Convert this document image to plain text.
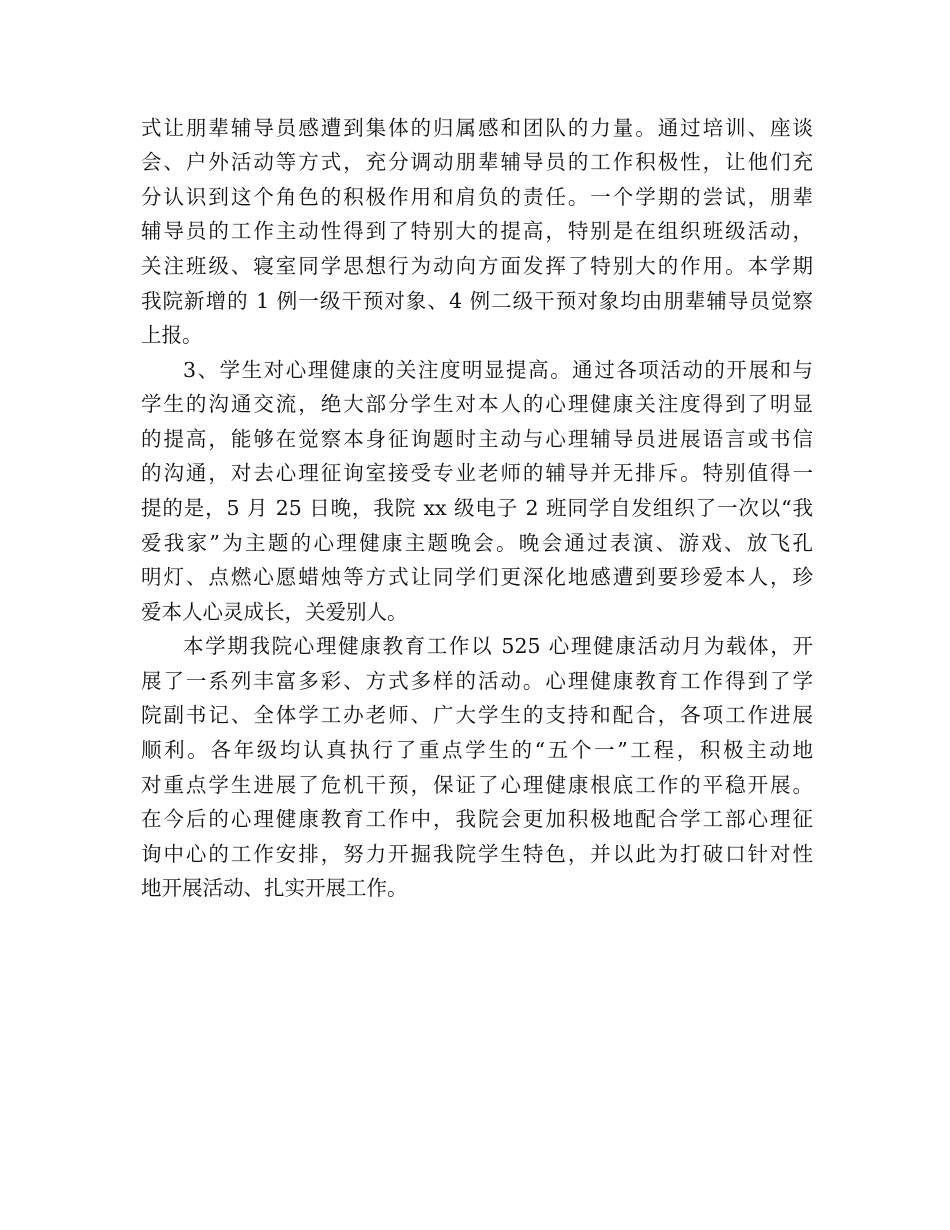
式让朋辈辅导员感遭到集体的归属感和团队的力量。通过培训、座谈
会、户外活动等方式，充分调动朋辈辅导员的工作积极性，让他们充
分认识到这个角色的积极作用和肩负的责任。一个学期的尝试，朋辈
辅导员的工作主动性得到了特别大的提高，特别是在组织班级活动，
关注班级、寝室同学思想行为动向方面发挥了特别大的作用。本学期
我院新增的 1 例一级干预对象、4 例二级干预对象均由朋辈辅导员觉察
上报。
3、学生对心理健康的关注度明显提高。通过各项活动的开展和与
学生的沟通交流，绝大部分学生对本人的心理健康关注度得到了明显
的提高，能够在觉察本身征询题时主动与心理辅导员进展语言或书信
的沟通，对去心理征询室接受专业老师的辅导并无排斥。特别值得一
提的是，5 月 25 日晚，我院 xx 级电子 2 班同学自发组织了一次以“我
爱我家”为主题的心理健康主题晚会。晚会通过表演、游戏、放飞孔
明灯、点燃心愿蜡烛等方式让同学们更深化地感遭到要珍爱本人，珍
爱本人心灵成长，关爱别人。
本学期我院心理健康教育工作以 525 心理健康活动月为载体，开
展了一系列丰富多彩、方式多样的活动。心理健康教育工作得到了学
院副书记、全体学工办老师、广大学生的支持和配合，各项工作进展
顺利。各年级均认真执行了重点学生的“五个一”工程，积极主动地
对重点学生进展了危机干预，保证了心理健康根底工作的平稳开展。
在今后的心理健康教育工作中，我院会更加积极地配合学工部心理征
询中心的工作安排，努力开掘我院学生特色，并以此为打破口针对性
地开展活动、扎实开展工作。
